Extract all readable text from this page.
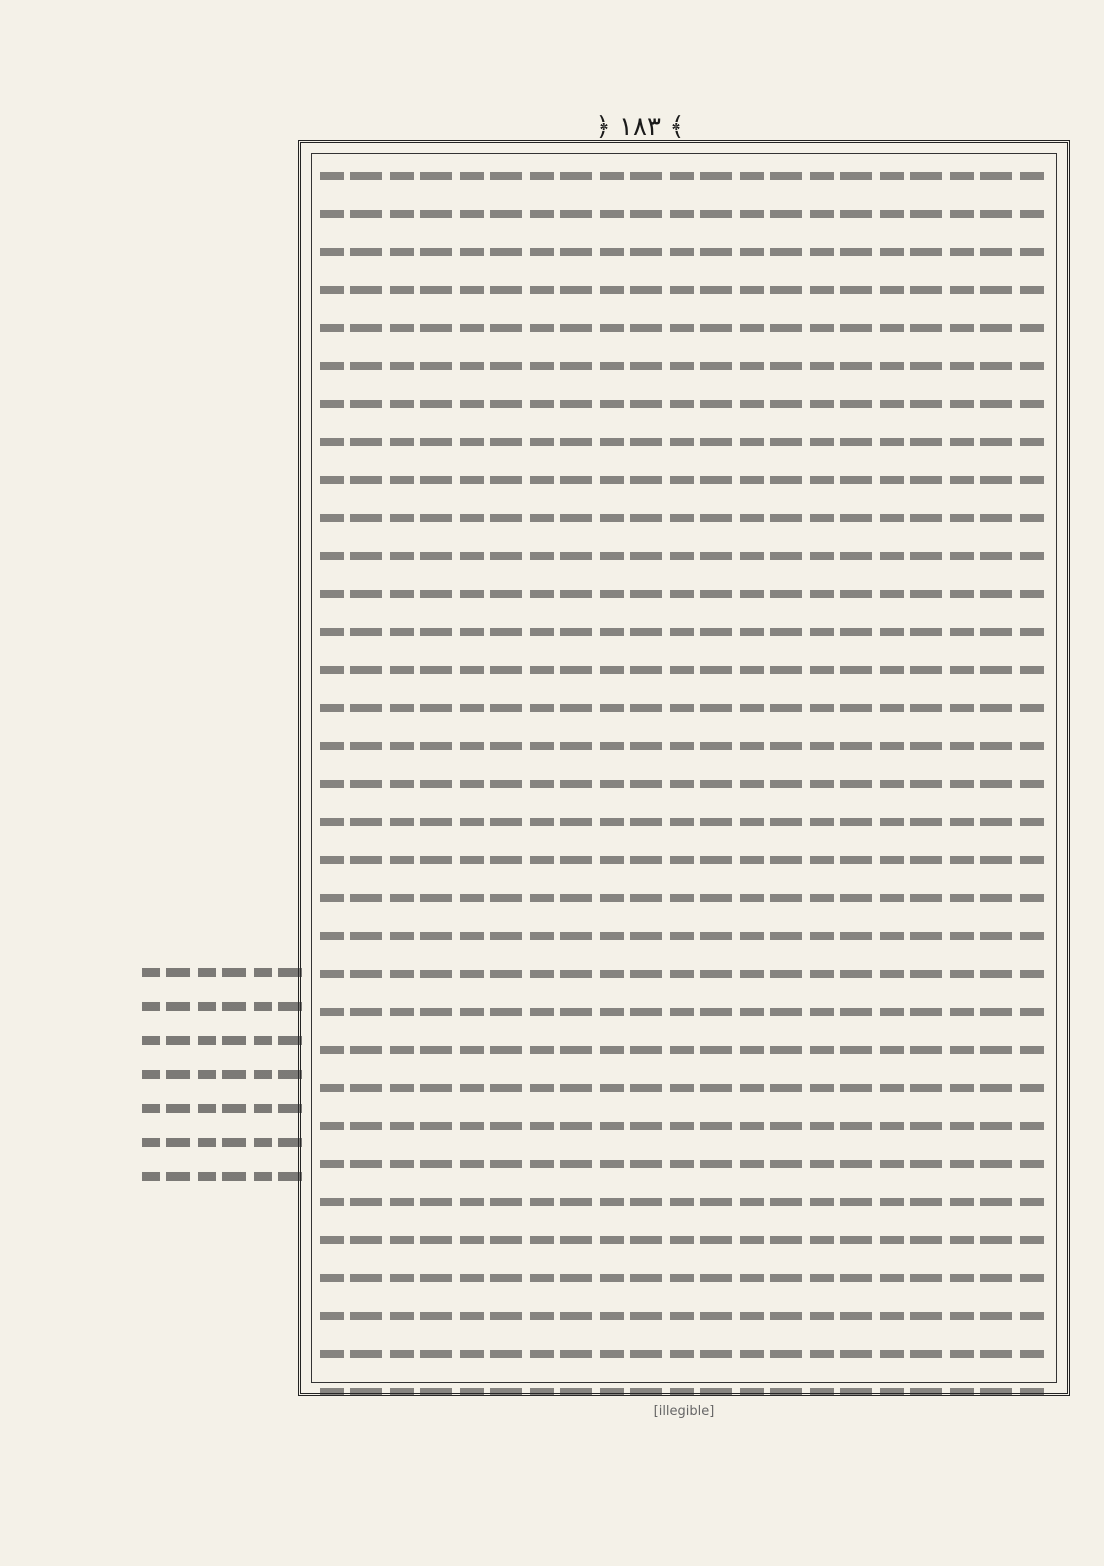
﴿ ١٨٣ ﴾

[illegible]
